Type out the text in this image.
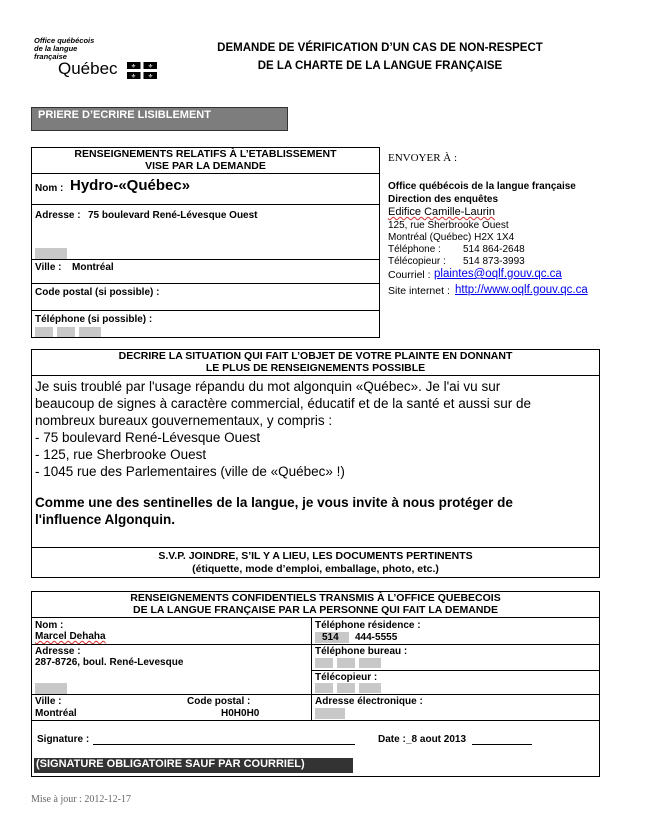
Office québécois
de la langue
française
Québec ⚜ ⚜
⚜ ⚜
DEMANDE DE VÉRIFICATION D’UN CAS DE NON-RESPECT
DE LA CHARTE DE LA LANGUE FRANÇAISE
PRIERE D’ECRIRE LISIBLEMENT
RENSEIGNEMENTS RELATIFS À L’ETABLISSEMENT
VISE PAR LA DEMANDE
Nom : Hydro-«Québec»
Adresse : 75 boulevard René-Lévesque Ouest
Ville : Montréal
Code postal (si possible) :
Téléphone (si possible) :
ENVOYER À :
Office québécois de la langue française
Direction des enquêtes
Edifice Camille-Laurin
125, rue Sherbrooke Ouest
Montréal (Québec) H2X 1X4
Téléphone : 514 864-2648
Télécopieur : 514 873-3993
Courriel : plaintes@oqlf.gouv.qc.ca
Site internet : http://www.oqlf.gouv.qc.ca
DECRIRE LA SITUATION QUI FAIT L’OBJET DE VOTRE PLAINTE EN DONNANT
LE PLUS DE RENSEIGNEMENTS POSSIBLE
Je suis troublé par l'usage répandu du mot algonquin «Québec». Je l'ai vu sur
beaucoup de signes à caractère commercial, éducatif et de la santé et aussi sur de
nombreux bureaux gouvernementaux, y compris :
- 75 boulevard René-Lévesque Ouest
- 125, rue Sherbrooke Ouest
- 1045 rue des Parlementaires (ville de «Québec» !)
Comme une des sentinelles de la langue, je vous invite à nous protéger de
l'influence Algonquin.
S.V.P. JOINDRE, S’IL Y A LIEU, LES DOCUMENTS PERTINENTS
(étiquette, mode d’emploi, emballage, photo, etc.)
RENSEIGNEMENTS CONFIDENTIELS TRANSMIS À L’OFFICE QUEBECOIS
DE LA LANGUE FRANÇAISE PAR LA PERSONNE QUI FAIT LA DEMANDE
Nom :
Marcel Dehaha
Téléphone résidence :
514 444-5555
Adresse :
287-8726, boul. René-Levesque
Téléphone bureau :
Télécopieur :
Ville :
Montréal
Code postal :
H0H0H0
Adresse électronique :
Signature :	Date : _8 aout 2013
(SIGNATURE OBLIGATOIRE SAUF PAR COURRIEL)
Mise à jour : 2012-12-17
